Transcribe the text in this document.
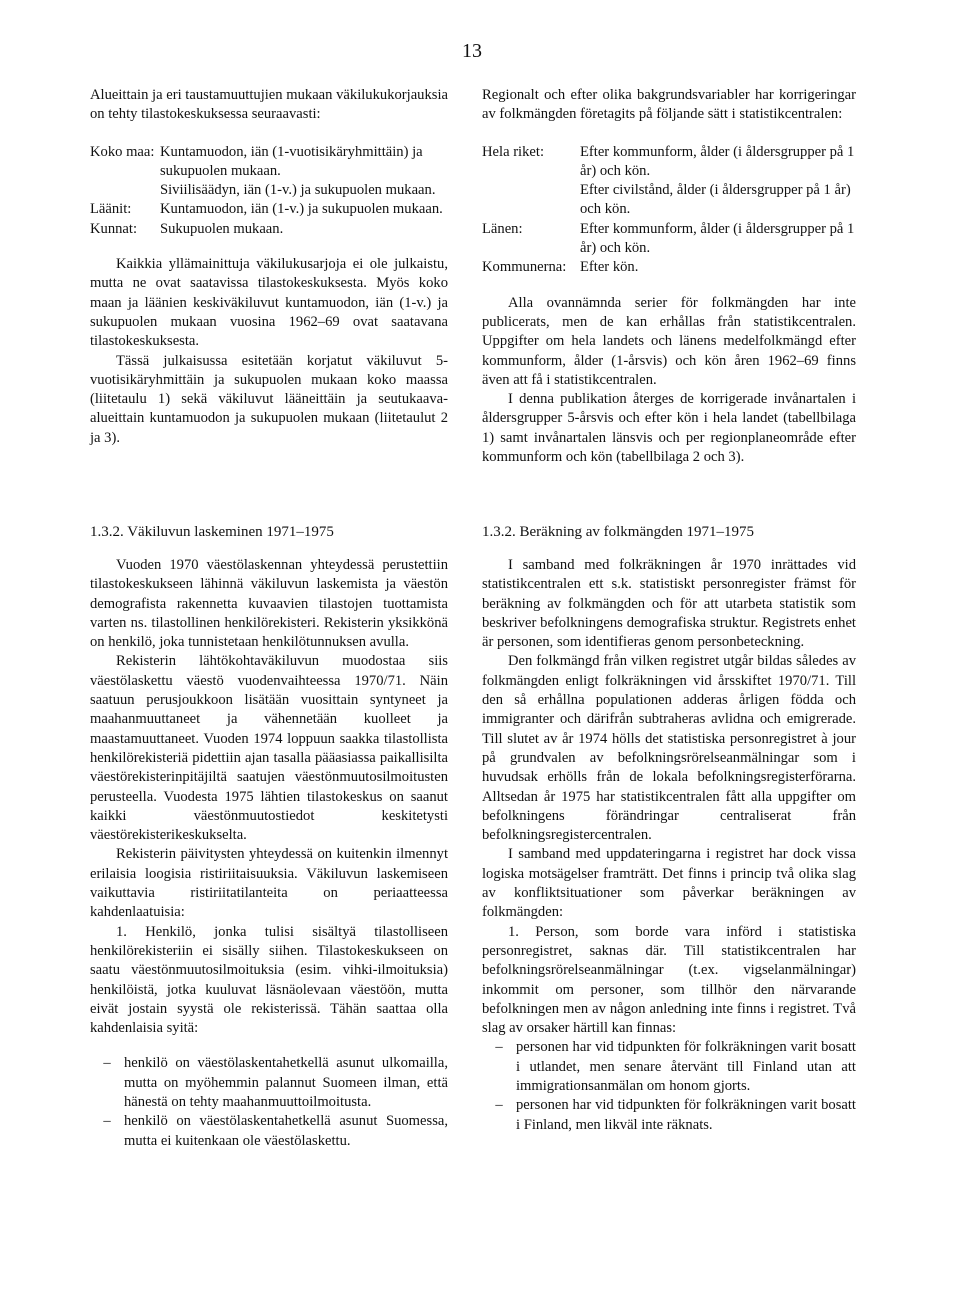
13

Alueittain ja eri taustamuuttujien mukaan väkilukukorjauksia on tehty tilastokeskuksessa seuraavasti:

Koko maa: Kuntamuodon, iän (1-vuotisikäryhmittäin) ja sukupuolen mukaan.
Siviilisäädyn, iän (1-v.) ja sukupuolen mukaan.
Läänit:	Kuntamuodon, iän (1-v.) ja sukupuolen mukaan.
Kunnat:	Sukupuolen mukaan.

Kaikkia yllämainittuja väkilukusarjoja ei ole julkaistu, mutta ne ovat saatavissa tilastokeskuksesta. Myös koko maan ja läänien keskiväkiluvut kuntamuodon, iän (1-v.) ja sukupuolen mukaan vuosina 1962–69 ovat saatavana tilastokeskuksesta.

Tässä julkaisussa esitetään korjatut väkiluvut 5-vuotisikäryhmittäin ja sukupuolen mukaan koko maassa (liitetaulu 1) sekä väkiluvut lääneittäin ja seutukaava-alueittain kuntamuodon ja sukupuolen mukaan (liitetaulut 2 ja 3).

Regionalt och efter olika bakgrundsvariabler har korrigeringar av folkmängden företagits på följande sätt i statistikcentralen:

Hela riket:	Efter kommunform, ålder (i åldersgrupper på 1 år) och kön.
Efter civilstånd, ålder (i åldersgrupper på 1 år) och kön.
Länen:	Efter kommunform, ålder (i åldersgrupper på 1 år) och kön.
Kommunerna: Efter kön.

Alla ovannämnda serier för folkmängden har inte publicerats, men de kan erhållas från statistikcentralen. Uppgifter om hela landets och länens medelfolkmängd efter kommunform, ålder (1-årsvis) och kön åren 1962–69 finns även att få i statistikcentralen.

I denna publikation återges de korrigerade invånartalen i åldersgrupper 5-årsvis och efter kön i hela landet (tabellbilaga 1) samt invånartalen länsvis och per regionplaneområde efter kommunform och kön (tabellbilaga 2 och 3).

1.3.2. Väkiluvun laskeminen 1971–1975	1.3.2. Beräkning av folkmängden 1971–1975

Vuoden 1970 väestölaskennan yhteydessä perustettiin tilastokeskukseen lähinnä väkiluvun laskemista ja väestön demografista rakennetta kuvaavien tilastojen tuottamista varten ns. tilastollinen henkilörekisteri. Rekisterin yksikkönä on henkilö, joka tunnistetaan henkilötunnuksen avulla.

Rekisterin lähtökohtaväkiluvun muodostaa siis väestölaskettu väestö vuodenvaihteessa 1970/71. Näin saatuun perusjoukkoon lisätään vuosittain syntyneet ja maahanmuuttaneet ja vähennetään kuolleet ja maastamuuttaneet. Vuoden 1974 loppuun saakka tilastollista henkilörekisteriä pidettiin ajan tasalla pääasiassa paikallisilta väestörekisterinpitäjiltä saatujen väestönmuutosilmoitusten perusteella. Vuodesta 1975 lähtien tilastokeskus on saanut kaikki väestönmuutostiedot keskitetysti väestörekisterikeskukselta.

Rekisterin päivitysten yhteydessä on kuitenkin ilmennyt erilaisia loogisia ristiriitaisuuksia. Väkiluvun laskemiseen vaikuttavia ristiriitatilanteita on periaatteessa kahdenlaatuisia:

1. Henkilö, jonka tulisi sisältyä tilastolliseen henkilörekisteriin ei sisälly siihen. Tilastokeskukseen on saatu väestönmuutosilmoituksia (esim. vihki-ilmoituksia) henkilöistä, jotka kuuluvat läsnäolevaan väestöön, mutta eivät jostain syystä ole rekisterissä. Tähän saattaa olla kahdenlaisia syitä:

– henkilö on väestölaskentahetkellä asunut ulkomailla, mutta on myöhemmin palannut Suomeen ilman, että hänestä on tehty maahanmuuttoilmoitusta.
– henkilö on väestölaskentahetkellä asunut Suomessa, mutta ei kuitenkaan ole väestölaskettu.

I samband med folkräkningen år 1970 inrättades vid statistikcentralen ett s.k. statistiskt personregister främst för beräkning av folkmängden och för att utarbeta statistik som beskriver befolkningens demografiska struktur. Registrets enhet är personen, som identifieras genom personbeteckning.

Den folkmängd från vilken registret utgår bildas således av folkmängden enligt folkräkningen vid årsskiftet 1970/71. Till den så erhållna populationen adderas årligen födda och immigranter och därifrån subtraheras avlidna och emigrerade. Till slutet av år 1974 hölls det statistiska personregistret à jour på grundvalen av befolkningsrörelseanmälningar som i huvudsak erhölls från de lokala befolkningsregisterförarna. Alltsedan år 1975 har statistikcentralen fått alla uppgifter om befolkningens förändringar centraliserat från befolkningsregistercentralen.

I samband med uppdateringarna i registret har dock vissa logiska motsägelser framträtt. Det finns i princip två olika slag av konfliktsituationer som påverkar beräkningen av folkmängden:

1. Person, som borde vara införd i statistiska personregistret, saknas där. Till statistikcentralen har befolkningsrörelseanmälningar (t.ex. vigselanmälningar) inkommit om personer, som tillhör den närvarande befolkningen men av någon anledning inte finns i registret. Två slag av orsaker härtill kan finnas:

– personen har vid tidpunkten för folkräkningen varit bosatt i utlandet, men senare återvänt till Finland utan att immigrationsanmälan om honom gjorts.
– personen har vid tidpunkten för folkräkningen varit bosatt i Finland, men likväl inte räknats.
